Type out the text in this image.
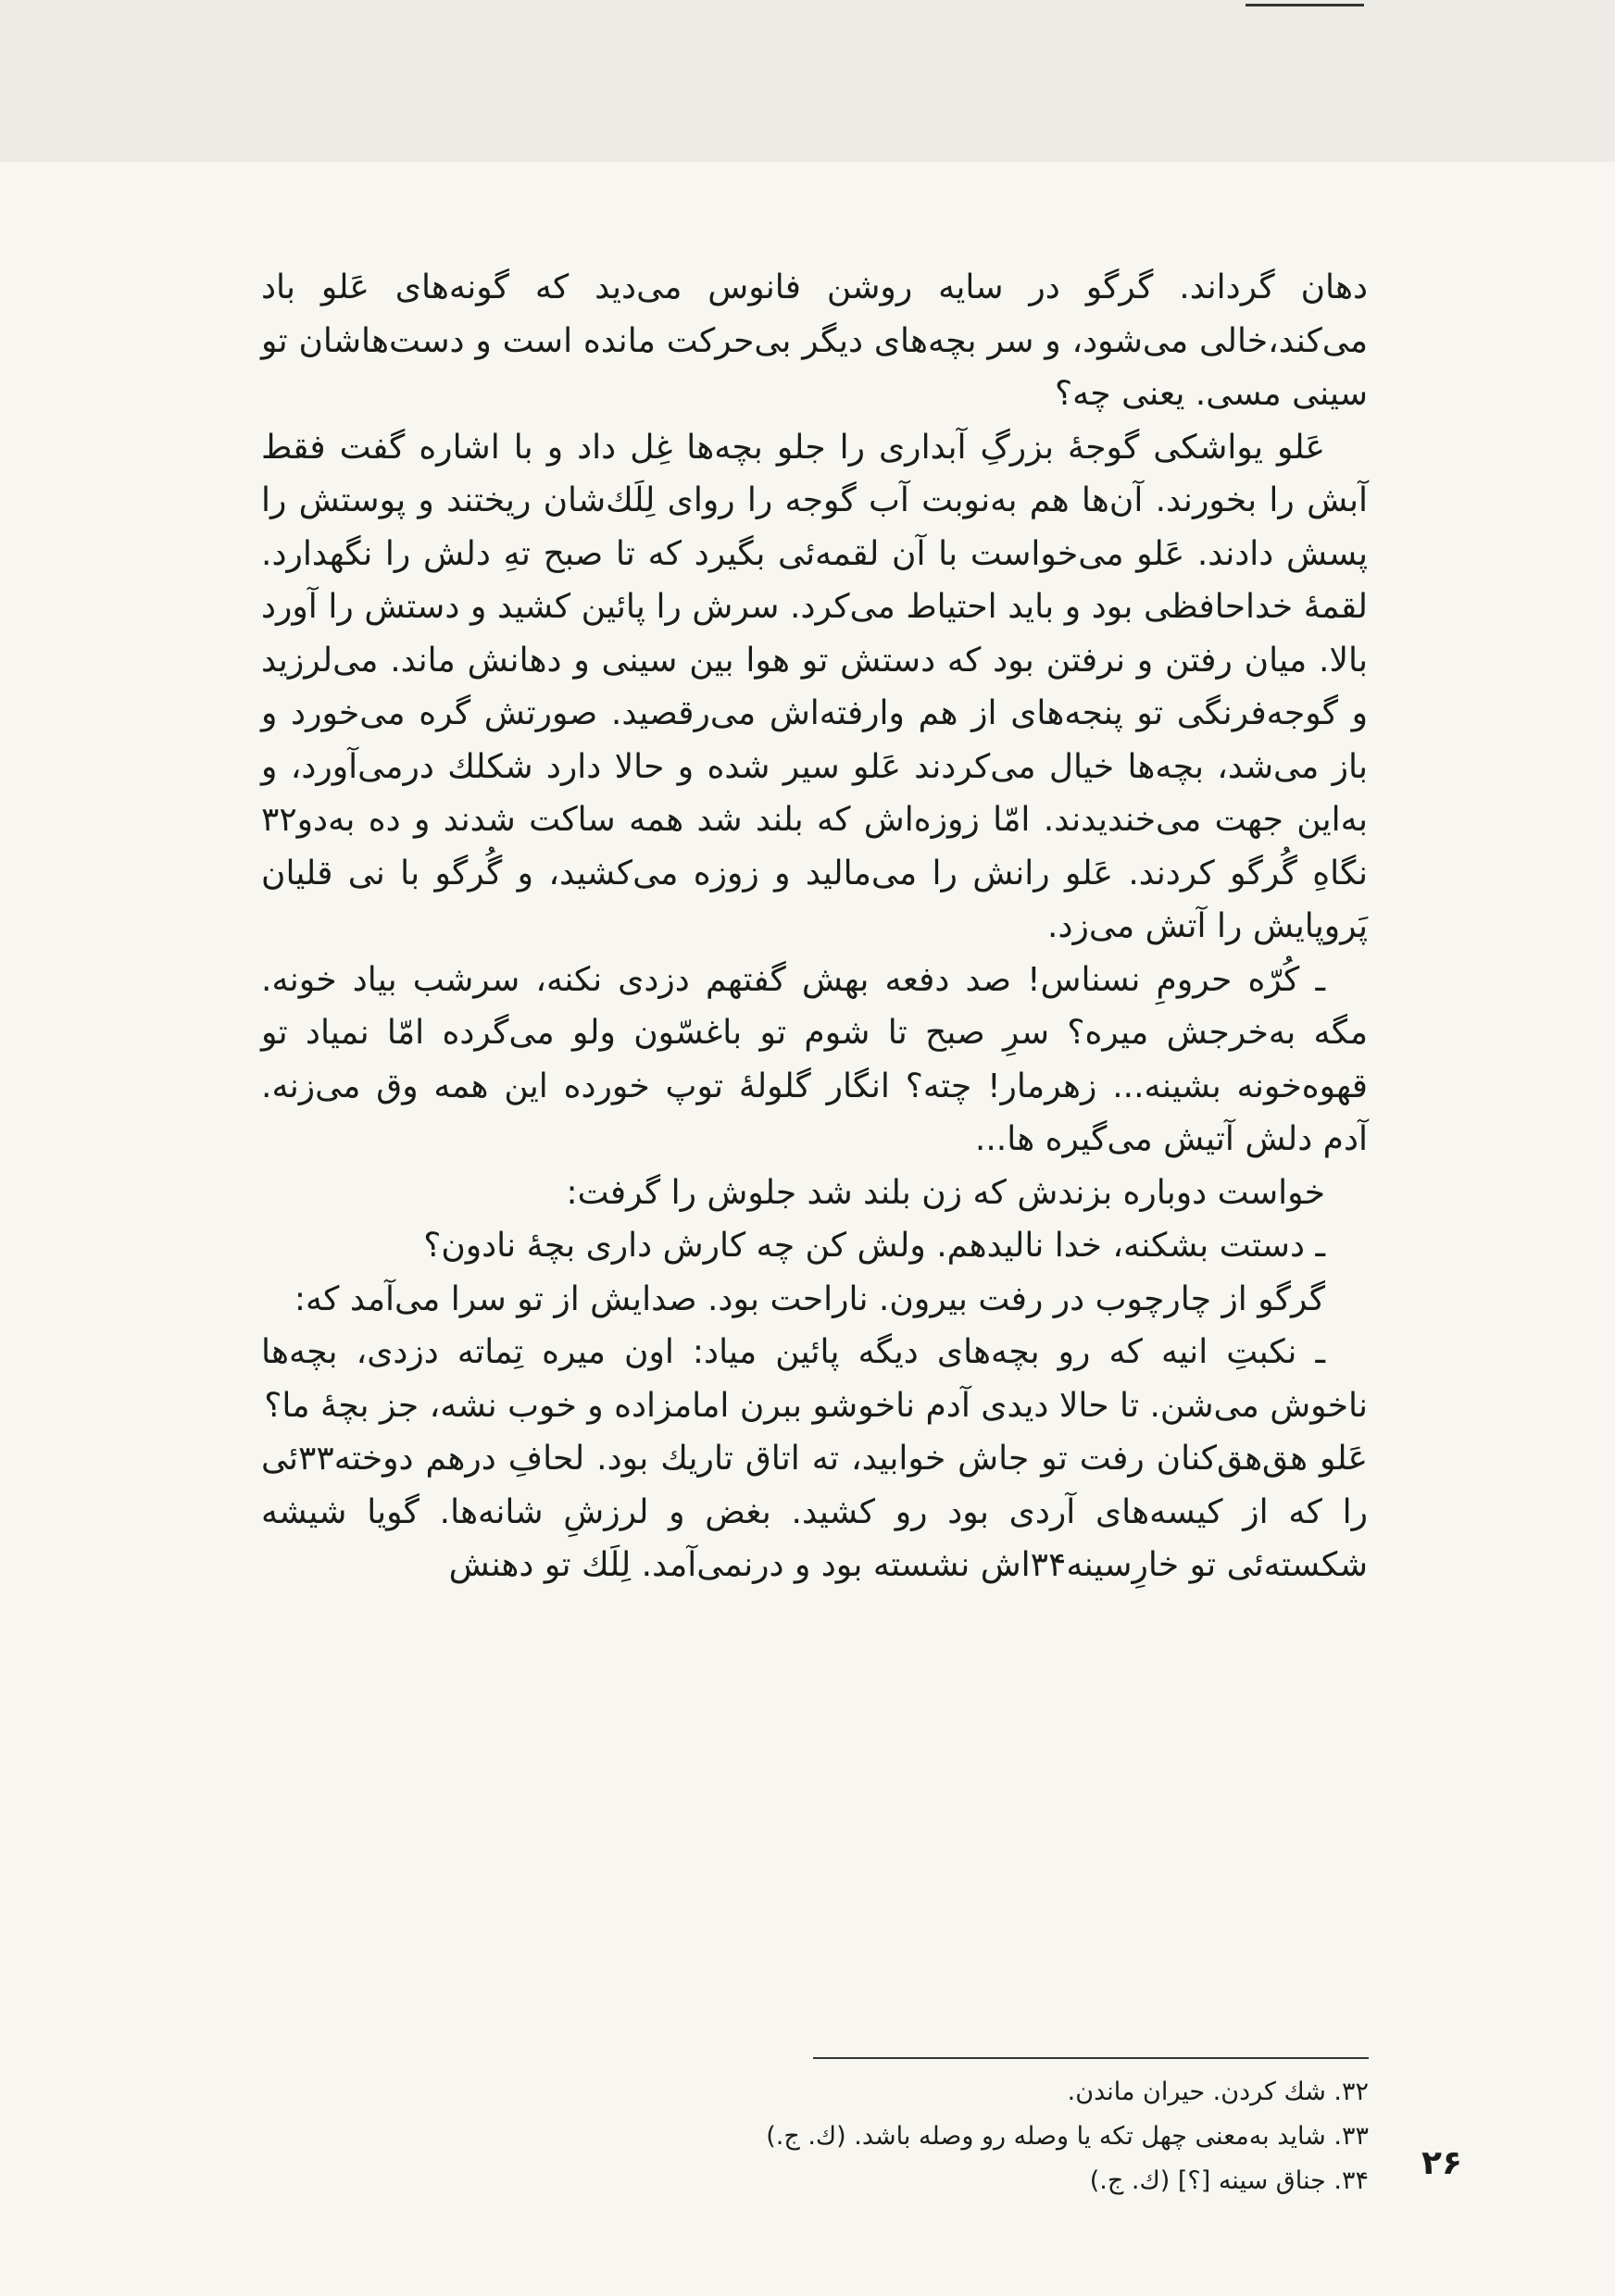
دهان گرداند. گرگو در سایه روشن فانوس می‌دید که گونه‌های عَلو باد می‌کند،خالی می‌شود، و سر بچه‌های دیگر بی‌حرکت مانده است و دست‌هاشان تو سینی مسی. یعنی چه؟

عَلو یواشکی گوجهٔ بزرگِ آبداری را جلو بچه‌ها غِل داد و با اشاره گفت فقط آبش را بخورند. آن‌ها هم به‌نوبت آب گوجه را روای لِلَك‌شان ریختند و پوستش را پسش دادند. عَلو می‌خواست با آن لقمه‌ئی بگیرد که تا صبح تهِ دلش را نگهدارد. لقمهٔ خداحافظی بود و باید احتیاط می‌کرد. سرش را پائین کشید و دستش را آورد بالا. میان رفتن و نرفتن بود که دستش تو هوا بین سینی و دهانش ماند. می‌لرزید و گوجه‌فرنگی تو پنجه‌های از هم وارفته‌اش می‌رقصید. صورتش گره می‌خورد و باز می‌شد، بچه‌ها خیال می‌کردند عَلو سیر شده و حالا دارد شکلك درمی‌آورد، و به‌این جهت می‌خندیدند. امّا زوزه‌اش که بلند شد همه ساکت شدند و ده به‌دو۳۲ نگاهِ گُرگو کردند. عَلو رانش را می‌مالید و زوزه می‌کشید، و گُرگو با نی قلیان پَروپایش را آتش می‌زد.

ـ کُرّه حرومِ نسناس! صد دفعه بهش گفتهم دزدی نکنه، سرشب بیاد خونه. مگه به‌خرجش میره؟ سرِ صبح تا شوم تو باغسّون ولو می‌گرده امّا نمیاد تو قهوه‌خونه بشینه... زهرمار! چته؟ انگار گلولهٔ توپ خورده این همه وق می‌زنه. آدم دلش آتیش می‌گیره ها...

خواست دوباره بزندش که زن بلند شد جلوش را گرفت:

ـ دستت بشکنه، خدا نالیدهم. ولش کن چه کارش داری بچهٔ نادون؟

گرگو از چارچوب در رفت بیرون. ناراحت بود. صدایش از تو سرا می‌آمد که:

ـ نکبتِ انیه که رو بچه‌های دیگه پائین میاد: اون میره تِماته دزدی، بچه‌ها ناخوش می‌شن. تا حالا دیدی آدم ناخوشو ببرن امامزاده و خوب نشه، جز بچهٔ ما؟

عَلو هق‌هق‌کنان رفت تو جاش خوابید، ته اتاق تاریك بود. لحافِ درهم دوخته۳۳ئی را که از کیسه‌های آردی بود رو کشید. بغض و لرزشِ شانه‌ها. گویا شیشه شکسته‌ئی تو خارِسینه۳۴اش نشسته بود و درنمی‌آمد. لِلَك تو دهنش

۳۲. شك کردن. حیران ماندن.
۳۳. شاید به‌معنی چهل تکه یا وصله رو وصله باشد. (ك. ج.)
۳۴. جناق سینه [؟] (ك. ج.) ۲۶
